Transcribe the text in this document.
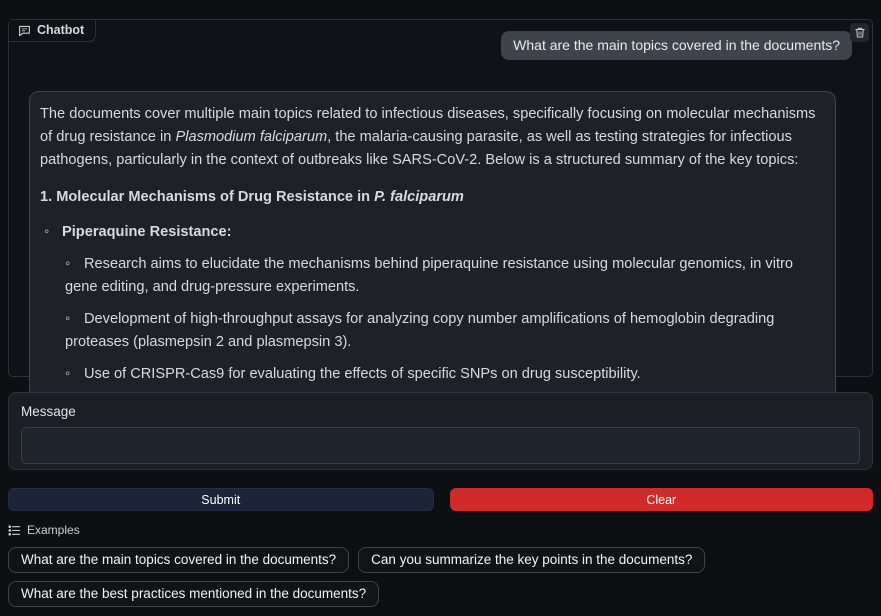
Chatbot
What are the main topics covered in the documents?

The documents cover multiple main topics related to infectious diseases, specifically focusing on molecular mechanisms of drug resistance in Plasmodium falciparum, the malaria-causing parasite, as well as testing strategies for infectious pathogens, particularly in the context of outbreaks like SARS-CoV-2. Below is a structured summary of the key topics:

1. Molecular Mechanisms of Drug Resistance in P. falciparum

◦ Piperaquine Resistance:
◦ Research aims to elucidate the mechanisms behind piperaquine resistance using molecular genomics, in vitro gene editing, and drug-pressure experiments.
◦ Development of high-throughput assays for analyzing copy number amplifications of hemoglobin degrading proteases (plasmepsin 2 and plasmepsin 3).
◦ Use of CRISPR-Cas9 for evaluating the effects of specific SNPs on drug susceptibility.
◦
Message
Submit	Clear
Examples
What are the main topics covered in the documents?	Can you summarize the key points in the documents?
What are the best practices mentioned in the documents?
